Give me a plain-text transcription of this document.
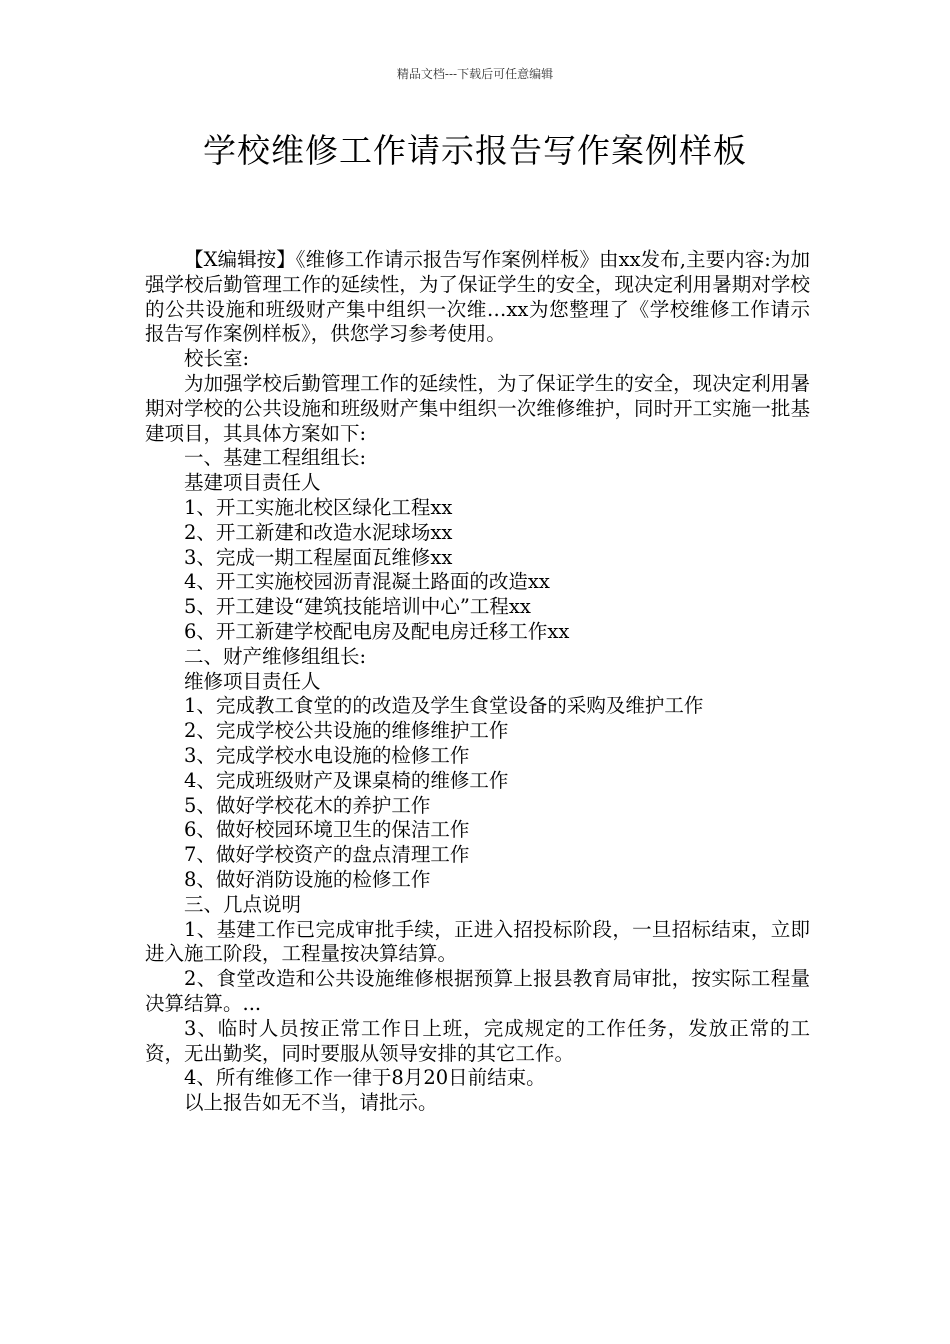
精品文档---下载后可任意编辑
学校维修工作请示报告写作案例样板

【X编辑按】《维修工作请示报告写作案例样板》由xx发布,主要内容:为加强学校后勤管理工作的延续性，为了保证学生的安全，现决定利用暑期对学校的公共设施和班级财产集中组织一次维…xx为您整理了《学校维修工作请示报告写作案例样板》，供您学习参考使用。

校长室:

为加强学校后勤管理工作的延续性，为了保证学生的安全，现决定利用暑期对学校的公共设施和班级财产集中组织一次维修维护，同时开工实施一批基建项目，其具体方案如下:

一、基建工程组组长:

基建项目责任人

1、开工实施北校区绿化工程xx

2、开工新建和改造水泥球场xx

3、完成一期工程屋面瓦维修xx

4、开工实施校园沥青混凝土路面的改造xx

5、开工建设“建筑技能培训中心”工程xx

6、开工新建学校配电房及配电房迁移工作xx

二、财产维修组组长:

维修项目责任人

1、完成教工食堂的的改造及学生食堂设备的采购及维护工作

2、完成学校公共设施的维修维护工作

3、完成学校水电设施的检修工作

4、完成班级财产及课桌椅的维修工作

5、做好学校花木的养护工作

6、做好校园环境卫生的保洁工作

7、做好学校资产的盘点清理工作

8、做好消防设施的检修工作

三、几点说明

1、基建工作已完成审批手续，正进入招投标阶段，一旦招标结束，立即进入施工阶段，工程量按决算结算。

2、食堂改造和公共设施维修根据预算上报县教育局审批，按实际工程量决算结算。...

3、临时人员按正常工作日上班，完成规定的工作任务，发放正常的工资，无出勤奖，同时要服从领导安排的其它工作。

4、所有维修工作一律于8月20日前结束。

以上报告如无不当，请批示。
